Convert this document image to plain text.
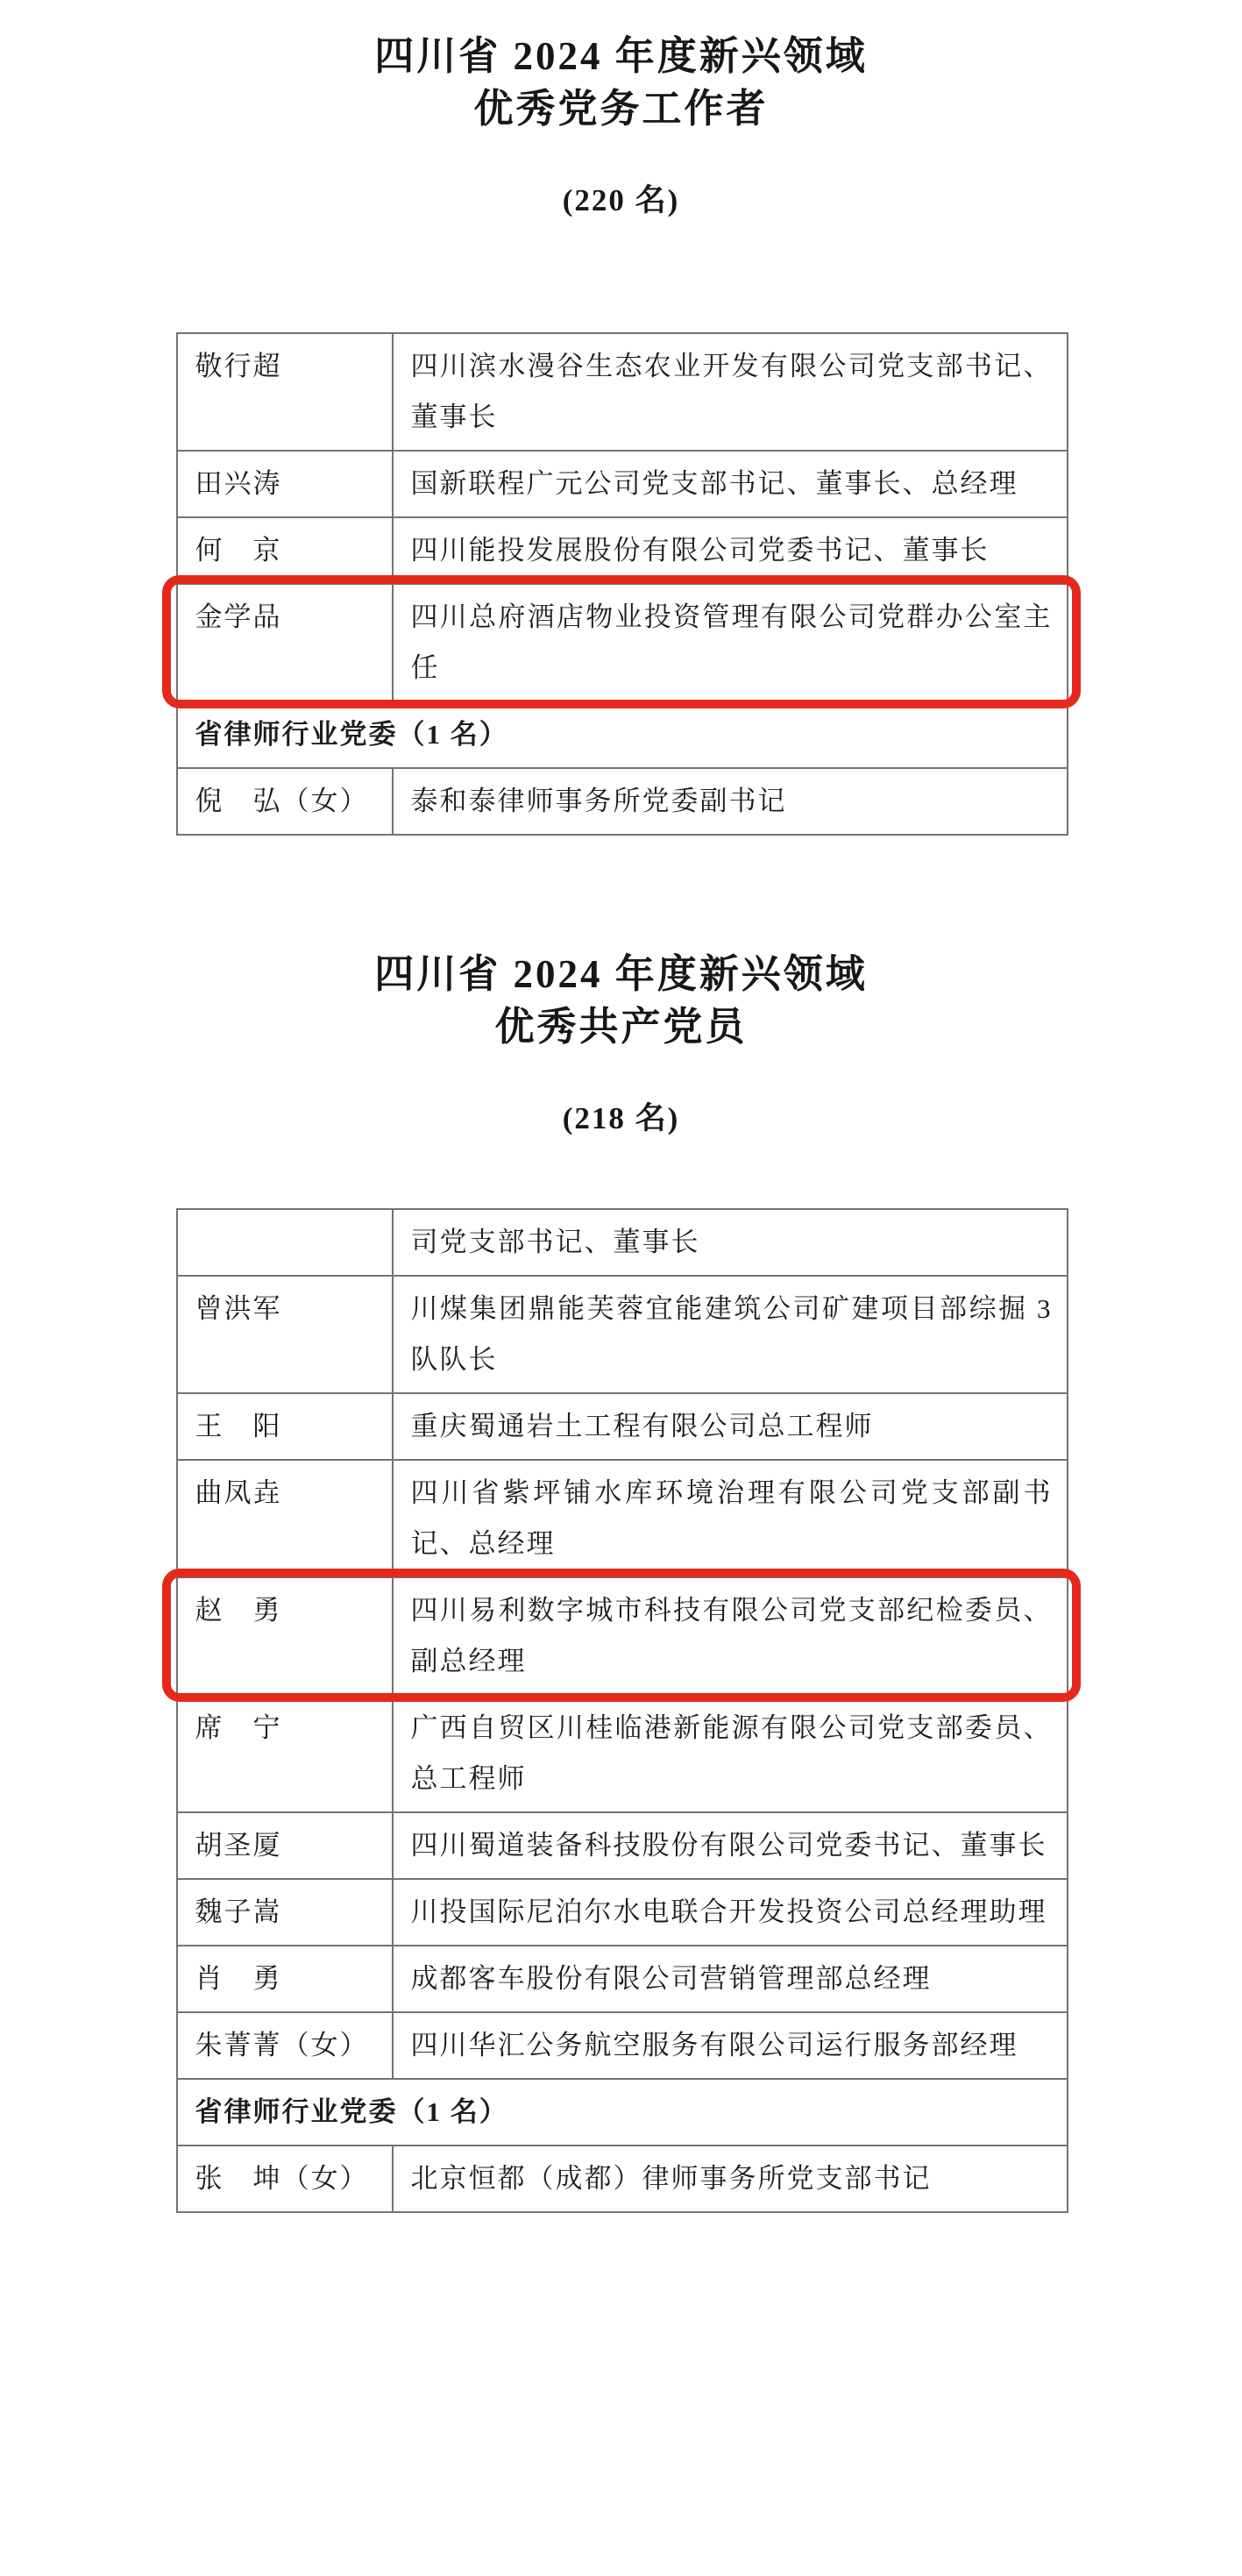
四川省 2024 年度新兴领域
优秀党务工作者
(220 名)
敬行超	四川滨水漫谷生态农业开发有限公司党支部书记、董事长
田兴涛	国新联程广元公司党支部书记、董事长、总经理
何　京	四川能投发展股份有限公司党委书记、董事长
金学品	四川总府酒店物业投资管理有限公司党群办公室主任
省律师行业党委（1 名）	
倪　弘（女）	泰和泰律师事务所党委副书记
四川省 2024 年度新兴领域
优秀共产党员
(218 名)
	司党支部书记、董事长
曾洪军	川煤集团鼎能芙蓉宜能建筑公司矿建项目部综掘 3 队队长
王　阳	重庆蜀通岩土工程有限公司总工程师
曲凤垚	四川省紫坪铺水库环境治理有限公司党支部副书记、总经理
赵　勇	四川易利数字城市科技有限公司党支部纪检委员、副总经理
席　宁	广西自贸区川桂临港新能源有限公司党支部委员、总工程师
胡圣厦	四川蜀道装备科技股份有限公司党委书记、董事长
魏子嵩	川投国际尼泊尔水电联合开发投资公司总经理助理
肖　勇	成都客车股份有限公司营销管理部总经理
朱菁菁（女）	四川华汇公务航空服务有限公司运行服务部经理
省律师行业党委（1 名）	
张　坤（女）	北京恒都（成都）律师事务所党支部书记
